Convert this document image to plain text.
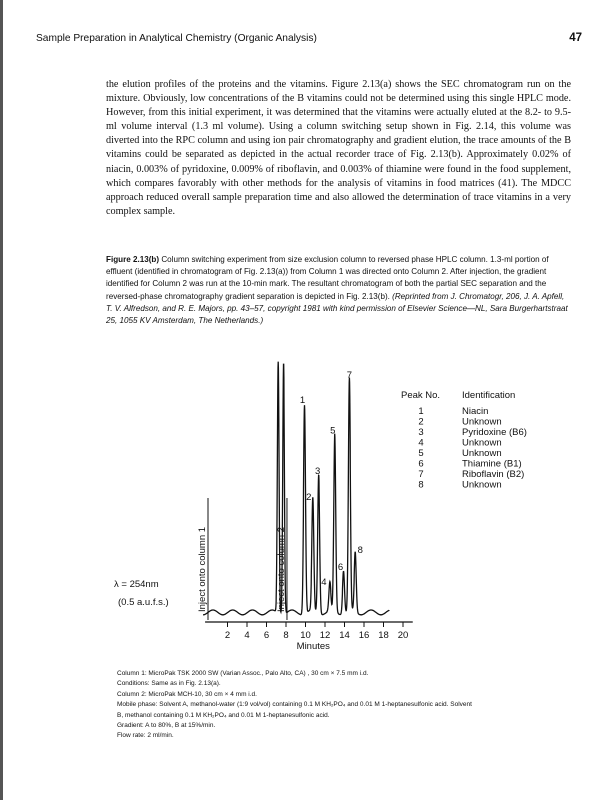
Sample Preparation in Analytical Chemistry (Organic Analysis)	47

the elution profiles of the proteins and the vitamins. Figure 2.13(a) shows the SEC chromatogram run on the mixture. Obviously, low concentrations of the B vitamins could not be determined using this single HPLC mode. However, from this initial experiment, it was determined that the vitamins were actually eluted at the 8.2- to 9.5-ml volume interval (1.3 ml volume). Using a column switching setup shown in Fig. 2.14, this volume was diverted into the RPC column and using ion pair chromatography and gradient elution, the trace amounts of the B vitamins could be separated as depicted in the actual recorder trace of Fig. 2.13(b). Approximately 0.02% of niacin, 0.003% of pyridoxine, 0.009% of riboflavin, and 0.003% of thiamine were found in the food supplement, which compares favorably with other methods for the analysis of vitamins in food matrices (41). The MDCC approach reduced overall sample preparation time and also allowed the determination of trace vitamins in a very complex sample.

Figure 2.13(b) Column switching experiment from size exclusion column to reversed phase HPLC column. 1.3-ml portion of effluent (identified in chromatogram of Fig. 2.13(a)) from Column 1 was directed onto Column 2. After injection, the gradient identified for Column 2 was run at the 10-min mark. The resultant chromatogram of both the partial SEC separation and the reversed-phase chromatography gradient separation is depicted in Fig. 2.13(b). (Reprinted from J. Chromatogr, 206, J. A. Apfell, T. V. Alfredson, and R. E. Majors, pp. 43–57, copyright 1981 with kind permission of Elsevier Science—NL, Sara Burgerhartstraat 25, 1055 KV Amsterdam, The Netherlands.)
Inject onto column 1	Inject onto column 2
2 4 6 8 10 12 14 16 18 20
Minutes
λ = 254nm
(0.5 a.u.f.s.)
1
2
3
4
5
6
7
8
Peak No. Identification
1	Niacin
2	Unknown
3	Pyridoxine (B6)
4	Unknown
5	Unknown
6	Thiamine (B1)
7	Riboflavin (B2)
8	Unknown
Column 1: MicroPak TSK 2000 SW (Varian Assoc., Palo Alto, CA) , 30 cm × 7.5 mm i.d.
Conditions: Same as in Fig. 2.13(a).
Column 2: MicroPak MCH-10, 30 cm × 4 mm i.d.
Mobile phase: Solvent A, methanol-water (1:9 vol/vol) containing 0.1 M KH₂PO₄ and 0.01 M 1-heptanesulfonic acid. Solvent
B, methanol containing 0.1 M KH₂PO₄ and 0.01 M 1-heptanesulfonic acid.
Gradient: A to 80%, B at 15%/min.
Flow rate: 2 ml/min.
